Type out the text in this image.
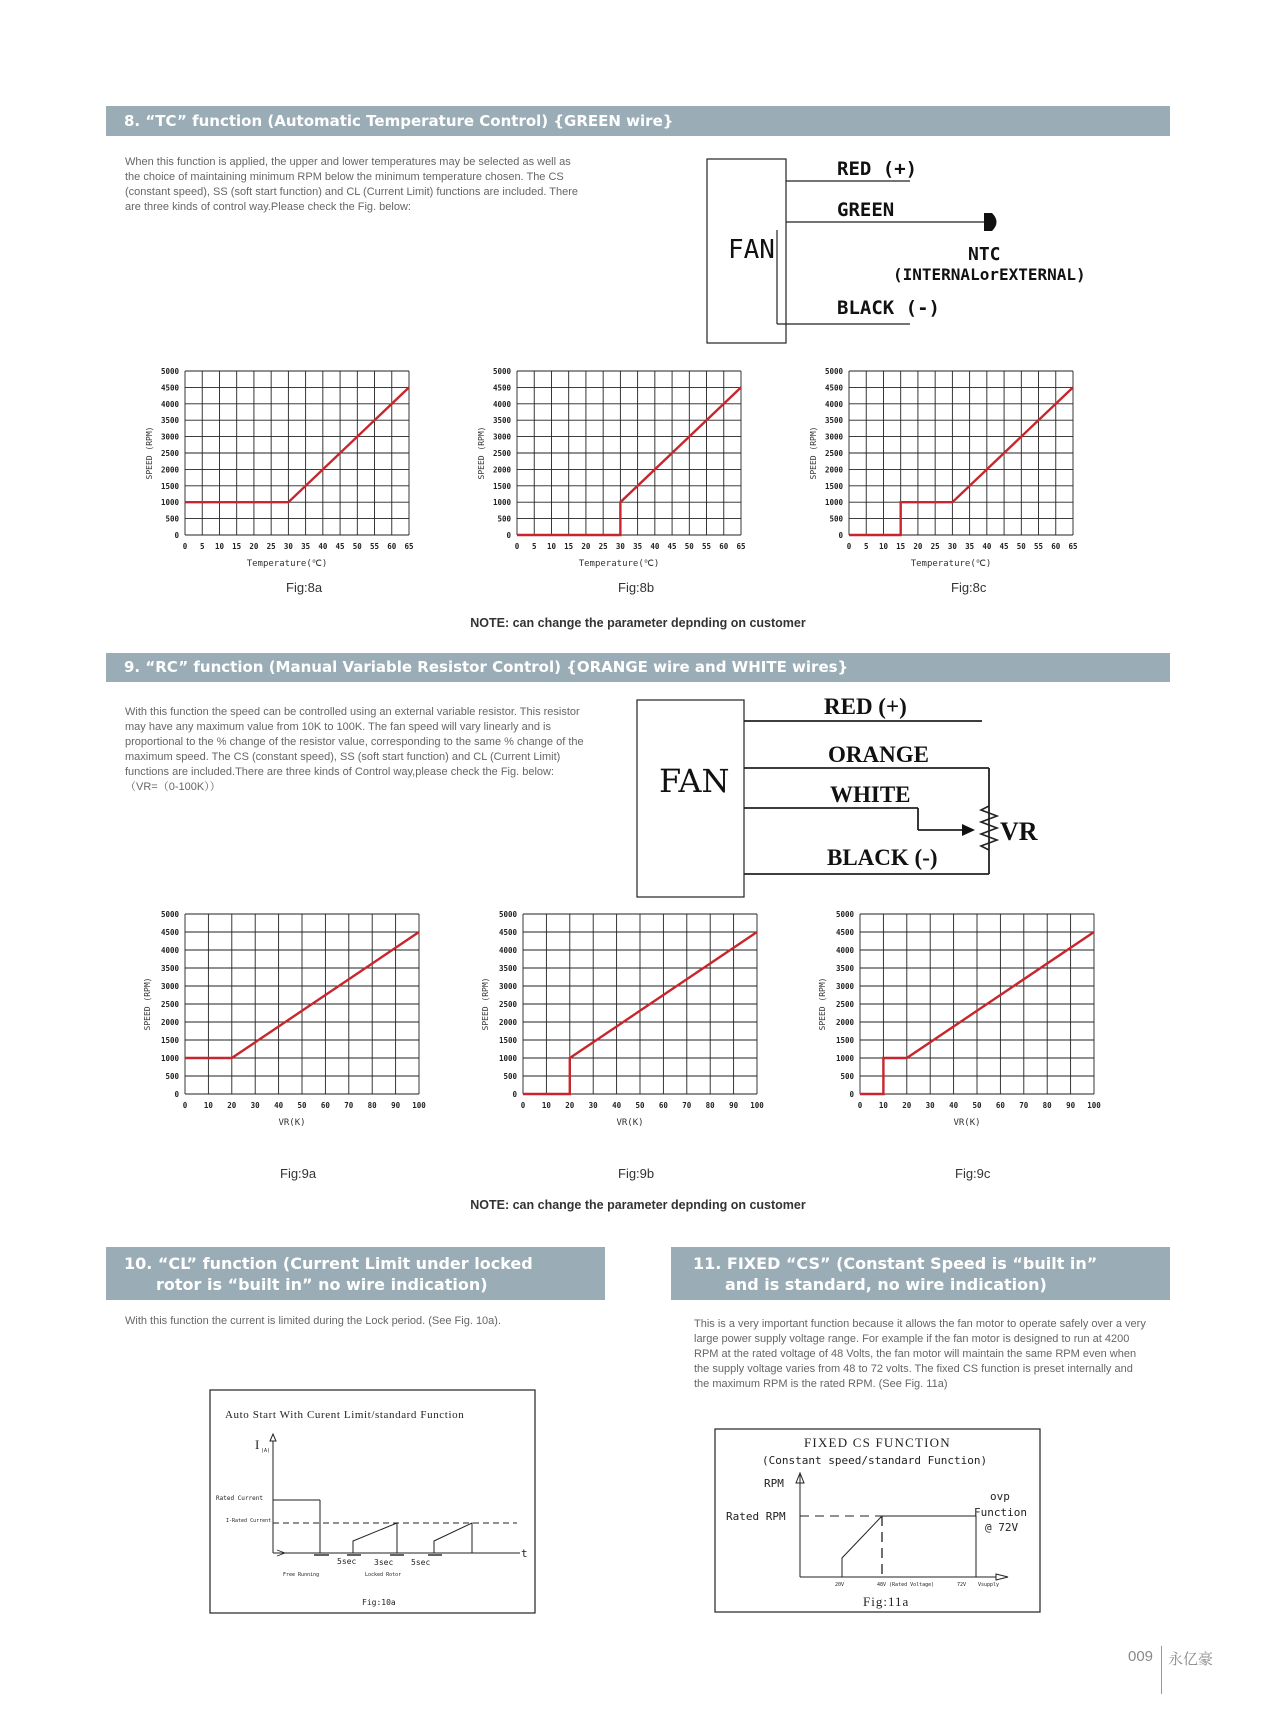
8. “TC” function (Automatic Temperature Control) {GREEN wire}
When this function is applied, the upper and lower temperatures may be selected as well as the choice of maintaining minimum RPM below the minimum temperature chosen. The CS (constant speed), SS (soft start function) and CL (Current Limit) functions are included. There are three kinds of control way.Please check the Fig. below:
FAN
RED (+)
GREEN
NTC
(INTERNALorEXTERNAL)
BLACK (-)
0 5 10 15 20 25 30 35 40 45 50 55 60 65
0
500
1000
1500
2000
2500
3000
3500
4000
4500
5000
Temperature(℃)
SPEED (RPM)
0 5 10 15 20 25 30 35 40 45 50 55 60 65
0
500
1000
1500
2000
2500
3000
3500
4000
4500
5000
Temperature(℃)
SPEED (RPM)
0 5 10 15 20 25 30 35 40 45 50 55 60 65
0
500
1000
1500
2000
2500
3000
3500
4000
4500
5000
Temperature(℃)
SPEED (RPM)
Fig:8a	Fig:8b	Fig:8c
NOTE: can change the parameter depnding on customer
9. “RC” function (Manual Variable Resistor Control) {ORANGE wire and WHITE wires}
With this function the speed can be controlled using an external variable resistor. This resistor may have any maximum value from 10K to 100K. The fan speed will vary linearly and is proportional to the % change of the resistor value, corresponding to the same % change of the maximum speed. The CS (constant speed), SS (soft start function) and CL (Current Limit) functions are included.There are three kinds of Control way,please check the Fig. below:
（VR=（0-100K））	FAN
RED (+)
ORANGE
WHITE
BLACK (-)
VR
0 10 20 30 40 50 60 70 80 90 100
0
500
1000
1500
2000
2500
3000
3500
4000
4500
5000
VR(K)
SPEED (RPM)
0 10 20 30 40 50 60 70 80 90 100
0
500
1000
1500
2000
2500
3000
3500
4000
4500
5000
VR(K)
SPEED (RPM)
0 10 20 30 40 50 60 70 80 90 100
0
500
1000
1500
2000
2500
3000
3500
4000
4500
5000
VR(K)
SPEED (RPM)
Fig:9a	Fig:9b	Fig:9c
NOTE: can change the parameter depnding on customer
10. “CL” function (Current Limit under locked
rotor is “built in” no wire indication)
With this function the current is limited during the Lock period. (See Fig. 10a).
Auto Start With Curent Limit/standard Function
I (A)
Rated Current
I-Rated Current
t
5sec 3sec 5sec
Free Running	Locked Rotor
Fig:10a
11. FIXED “CS” (Constant Speed is “built in”
and is standard, no wire indication)
This is a very important function because it allows the fan motor to operate safely over a very large power supply voltage range. For example if the fan motor is designed to run at 4200 RPM at the rated voltage of 48 Volts, the fan motor will maintain the same RPM even when the supply voltage varies from 48 to 72 volts. The fixed CS function is preset internally and the maximum RPM is the rated RPM. (See Fig. 11a)
FIXED CS FUNCTION
(Constant speed/standard Function)
RPM
Rated RPM
ovp
Function
@ 72V
20V	48V (Rated Voltage)	72V Vsupply
Fig:11a
009 永亿豪
